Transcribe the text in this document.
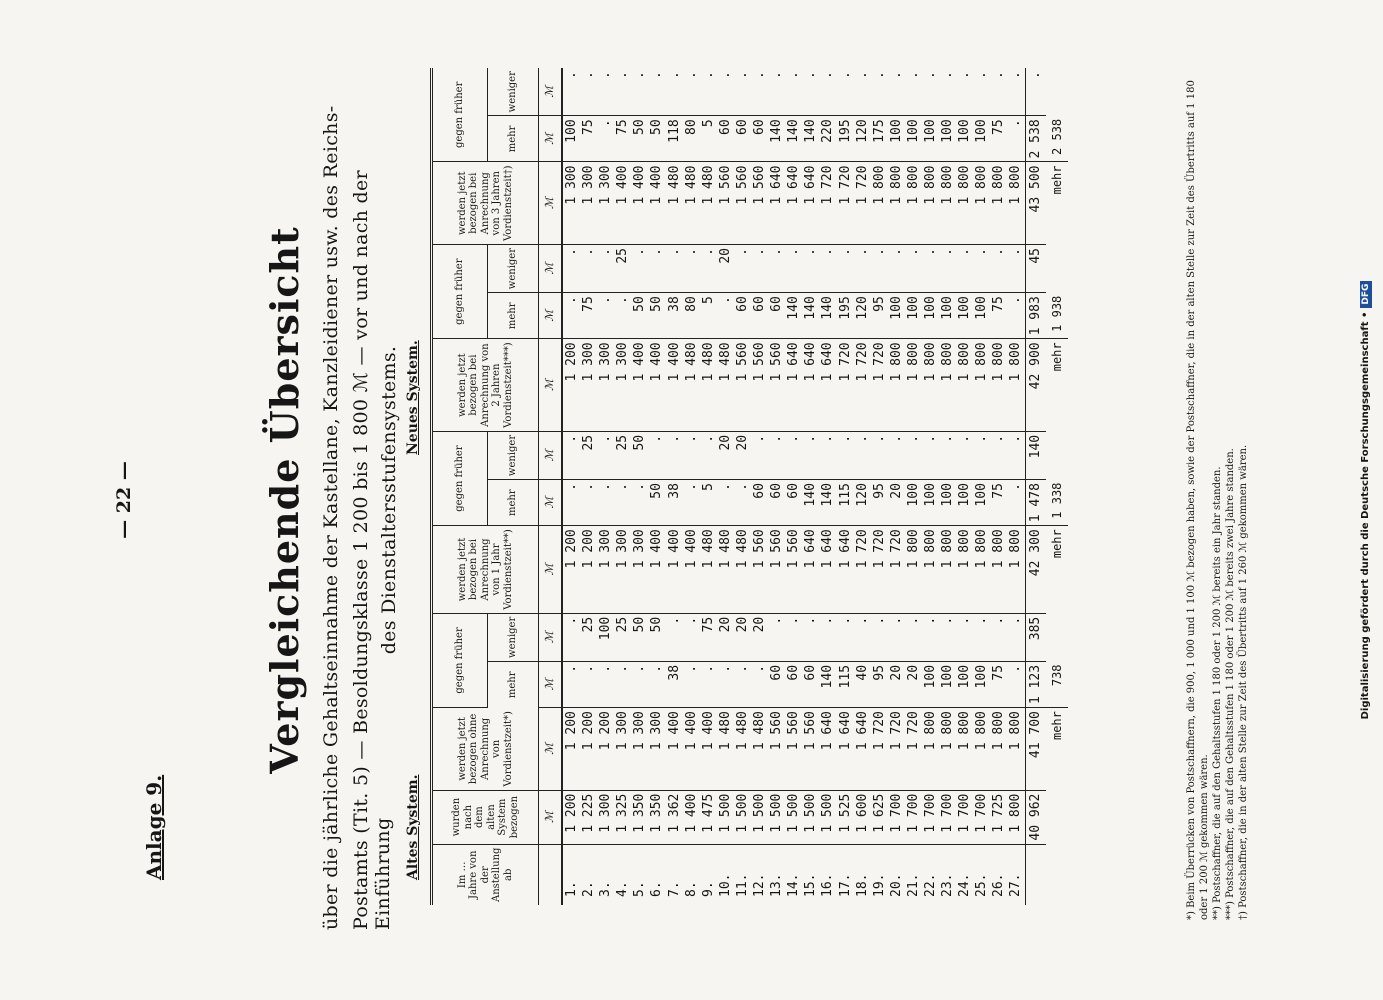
— 22 —
Anlage 9.
Vergleichende Übersicht über die jährliche Gehaltseinnahme der Kastellane, Kanzleidiener usw. des Reichs- Postamts (Tit. 5) — Besoldungsklasse 1 200 bis 1 800 ℳ — vor und nach der Einführung
des Dienstaltersstufensystems.
Altes System.
Neues System.
Im … Jahre von der Anstellung ab	wurden nach dem alten System bezogen	werden jetzt bezogen ohne Anrechnung von Vordienstzeit*)	gegen früher		werden jetzt bezogen bei Anrechnung von 1 Jahr Vordienstzeit**)	gegen früher		werden jetzt bezogen bei Anrechnung von 2 Jahren Vordienstzeit***)	gegen früher		werden jetzt bezogen bei Anrechnung von 3 Jahren Vordienstzeit†)	gegen früher	
			mehr	weniger		mehr	weniger		mehr	weniger		mehr	weniger
	ℳ	ℳ	ℳ	ℳ	ℳ	ℳ	ℳ	ℳ	ℳ	ℳ	ℳ	ℳ	ℳ
1.	1 200	1 200	.	.	1 200	.	.	1 200	.	.	1 300	100	.
2.	1 225	1 200	.	25	1 200	.	25	1 300	75	.	1 300	75	.
3.	1 300	1 200	.	100	1 300	.	.	1 300	.	.	1 300	.	.
4.	1 325	1 300	.	25	1 300	.	25	1 300	.	25	1 400	75	.
5.	1 350	1 300	.	50	1 300	.	50	1 400	50	.	1 400	50	.
6.	1 350	1 300	.	50	1 400	50	.	1 400	50	.	1 400	50	.
7.	1 362	1 400	38	.	1 400	38	.	1 400	38	.	1 480	118	.
8.	1 400	1 400	.	.	1 400	.	.	1 480	80	.	1 480	80	.
9.	1 475	1 400	.	75	1 480	5	.	1 480	5	.	1 480	5	.
10.	1 500	1 480	.	20	1 480	.	20	1 480	.	20	1 560	60	.
11.	1 500	1 480	.	20	1 480	.	20	1 560	60	.	1 560	60	.
12.	1 500	1 480	.	20	1 560	60	.	1 560	60	.	1 560	60	.
13.	1 500	1 560	60	.	1 560	60	.	1 560	60	.	1 640	140	.
14.	1 500	1 560	60	.	1 560	60	.	1 640	140	.	1 640	140	.
15.	1 500	1 560	60	.	1 640	140	.	1 640	140	.	1 640	140	.
16.	1 500	1 640	140	.	1 640	140	.	1 640	140	.	1 720	220	.
17.	1 525	1 640	115	.	1 640	115	.	1 720	195	.	1 720	195	.
18.	1 600	1 640	40	.	1 720	120	.	1 720	120	.	1 720	120	.
19.	1 625	1 720	95	.	1 720	95	.	1 720	95	.	1 800	175	.
20.	1 700	1 720	20	.	1 720	20	.	1 800	100	.	1 800	100	.
21.	1 700	1 720	20	.	1 800	100	.	1 800	100	.	1 800	100	.
22.	1 700	1 800	100	.	1 800	100	.	1 800	100	.	1 800	100	.
23.	1 700	1 800	100	.	1 800	100	.	1 800	100	.	1 800	100	.
24.	1 700	1 800	100	.	1 800	100	.	1 800	100	.	1 800	100	.
25.	1 700	1 800	100	.	1 800	100	.	1 800	100	.	1 800	100	.
26.	1 725	1 800	75	.	1 800	75	.	1 800	75	.	1 800	75	.
27.	1 800	1 800	.	.	1 800	.	.	1 800	.	.	1 800	.	.
	40 962	41 700	1 123	385	42 300	1 478	140	42 900	1 983	45	43 500	2 538	.
		mehr	738		mehr	1 338		mehr	1 938		mehr	2 538		*) Beim Überrücken von Postschaffnern, die 900, 1 000 und 1 100 ℳ bezogen haben, sowie der Postschaffner, die in der alten Stelle zur Zeit des Übertritts auf 1 180 oder 1 200 ℳ gekommen wären. **) Postschaffner, die auf den Gehaltsstufen 1 180 oder 1 200 ℳ bereits ein Jahr standen. ***) Postschaffner, die auf den Gehaltsstufen 1 180 oder 1 200 ℳ bereits zwei Jahre standen. †) Postschaffner, die in der alten Stelle zur Zeit des Übertritts auf 1 260 ℳ gekommen wären.	Digitalisierung gefördert durch die Deutsche Forschungsgemeinschaft •DFG
